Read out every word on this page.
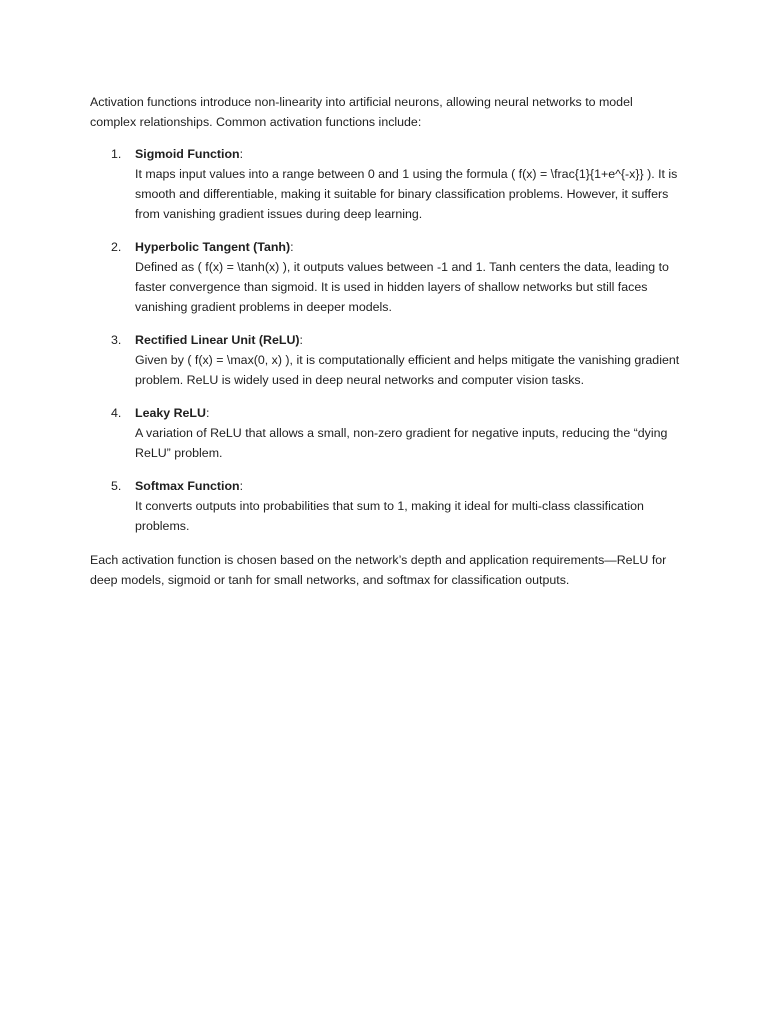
Activation functions introduce non-linearity into artificial neurons, allowing neural networks to model complex relationships. Common activation functions include:

1. Sigmoid Function:
It maps input values into a range between 0 and 1 using the formula ( f(x) = \frac{1}{1+e^{-x}} ). It is smooth and differentiable, making it suitable for binary classification problems. However, it suffers from vanishing gradient issues during deep learning.
2. Hyperbolic Tangent (Tanh):
Defined as ( f(x) = \tanh(x) ), it outputs values between -1 and 1. Tanh centers the data, leading to faster convergence than sigmoid. It is used in hidden layers of shallow networks but still faces vanishing gradient problems in deeper models.
3. Rectified Linear Unit (ReLU):
Given by ( f(x) = \max(0, x) ), it is computationally efficient and helps mitigate the vanishing gradient problem. ReLU is widely used in deep neural networks and computer vision tasks.
4. Leaky ReLU:
A variation of ReLU that allows a small, non-zero gradient for negative inputs, reducing the “dying ReLU” problem.
5. Softmax Function:
It converts outputs into probabilities that sum to 1, making it ideal for multi-class classification problems.

Each activation function is chosen based on the network’s depth and application requirements—ReLU for deep models, sigmoid or tanh for small networks, and softmax for classification outputs.
